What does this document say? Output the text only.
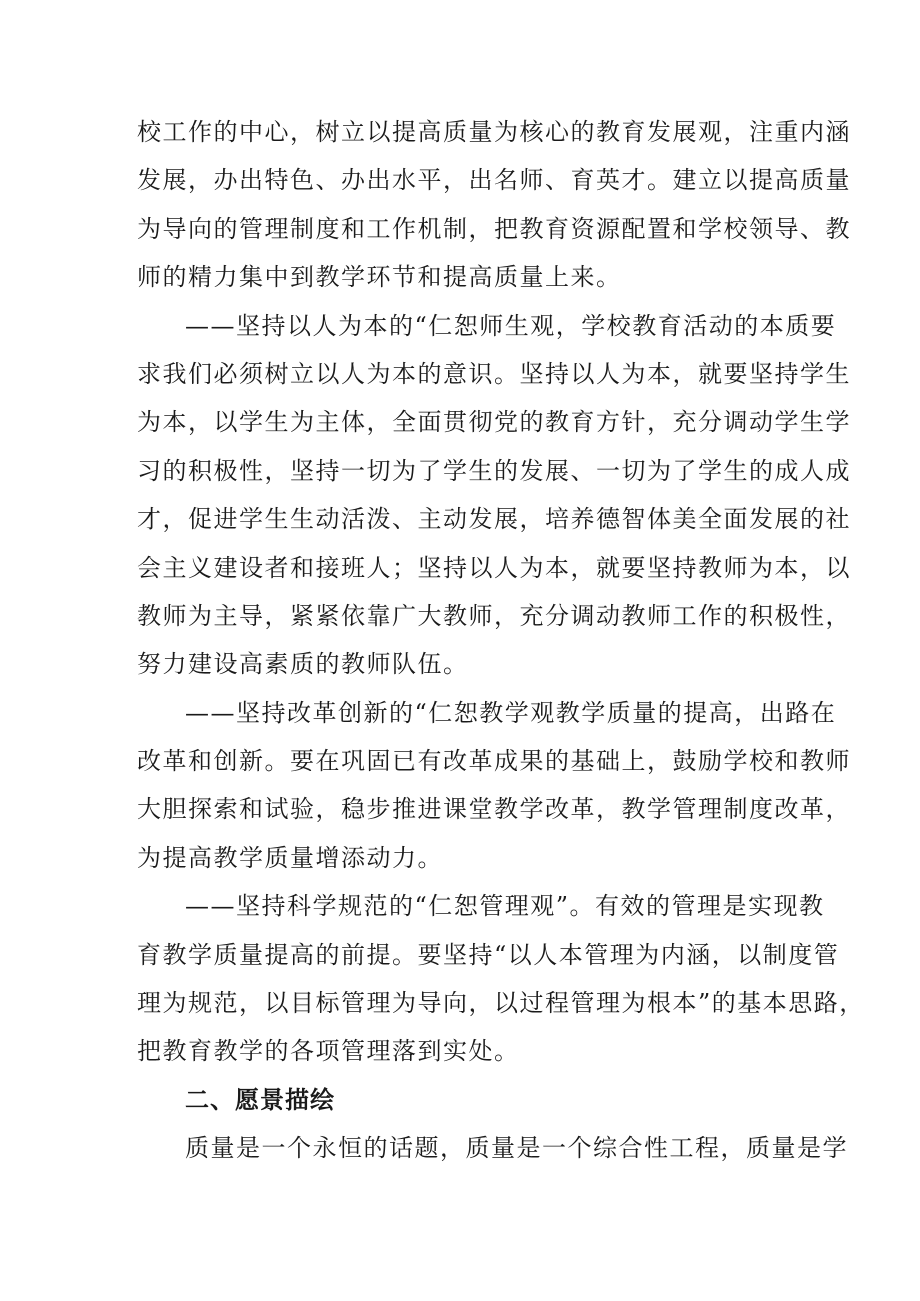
校工作的中心，树立以提高质量为核心的教育发展观，注重内涵
发展，办出特色、办出水平，出名师、育英才。建立以提高质量
为导向的管理制度和工作机制，把教育资源配置和学校领导、教
师的精力集中到教学环节和提高质量上来。
——坚持以人为本的“仁恕师生观，学校教育活动的本质要
求我们必须树立以人为本的意识。坚持以人为本，就要坚持学生
为本，以学生为主体，全面贯彻党的教育方针，充分调动学生学
习的积极性，坚持一切为了学生的发展、一切为了学生的成人成
才，促进学生生动活泼、主动发展，培养德智体美全面发展的社
会主义建设者和接班人；坚持以人为本，就要坚持教师为本，以
教师为主导，紧紧依靠广大教师，充分调动教师工作的积极性，
努力建设高素质的教师队伍。
——坚持改革创新的“仁恕教学观教学质量的提高，出路在
改革和创新。要在巩固已有改革成果的基础上，鼓励学校和教师
大胆探索和试验，稳步推进课堂教学改革，教学管理制度改革，
为提高教学质量增添动力。
——坚持科学规范的“仁恕管理观”。有效的管理是实现教
育教学质量提高的前提。要坚持“以人本管理为内涵，以制度管
理为规范，以目标管理为导向，以过程管理为根本”的基本思路，
把教育教学的各项管理落到实处。
二、愿景描绘
质量是一个永恒的话题，质量是一个综合性工程，质量是学
